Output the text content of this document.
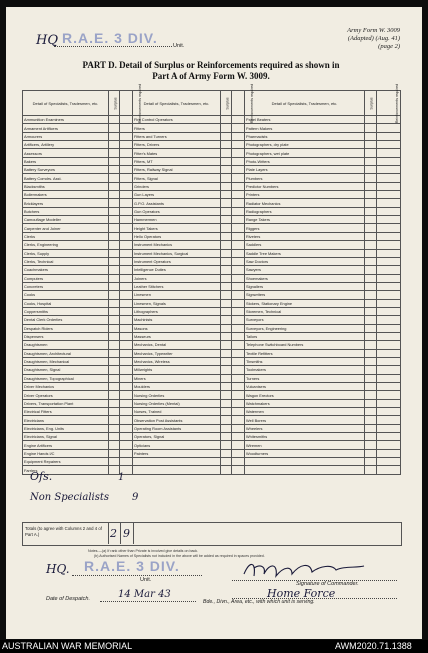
HQ R.A.E. 3 DIV.	Unit.
Army Form W. 3009
(Adapted) (Aug. 41)
(page 2)
PART D. Detail of Surplus or Reinforcements required as shown in
Part A of Army Form W. 3009.
Detail of Specialists, Tradesmen, etc.	Surplus	Reinforcements required	Detail of Specialists, Tradesmen, etc.	Surplus	Reinforcements required	Detail of Specialists, Tradesmen, etc.	Surplus	Reinforcements required
Ammunition Examiners			Fire Control Operators			Panel Beaters		
Armament Artificers			Fitters			Pattern Makers		
Armourers			Fitters and Turners			Pharmacists		
Artificers, Artillery			Fitters, Drivers			Photographers, dry plate		
Assessors			Fitter's Mates			Photographers, wet plate		
Bakers			Fitters, MT			Photo-Writers		
Battery Surveyors			Fitters, Railway Signal			Plate Layers		
Battery Comdrs. Asst.			Fitters, Signal			Plumbers		
Blacksmiths			Grinders			Predictor Numbers		
Boilermakers			Gun Layers			Printers		
Bricklayers			G.P.O. Assistants			Radiator Mechanics		
Butchers			Gun Operators			Radiographers		
Camouflage Modeller			Hammermen			Range Takers		
Carpenter and Joiner			Height Takers			Riggers		
Clerks			Hello Operators			Riveters		
Clerks, Engineering			Instrument Mechanics			Saddlers		
Clerks, Supply			Instrument Mechanics, Surgical			Saddle Tree Makers		
Clerks, Technical			Instrument Operators			Saw Doctors		
Coachmakers			Intelligence Duties			Sawyers		
Computers			Joiners			Shoemakers		
Concreters			Leather Stitchers			Signallers		
Cooks			Linesmen			Signwriters		
Cooks, Hospital			Linesmen, Signals			Stokers, Stationary Engine		
Coppersmiths			Lithographers			Storemen, Technical		
Dental Clerk Orderlies			Machinists			Surveyors		
Despatch Riders			Masons			Surveyors, Engineering		
Dispensers			Masseurs			Tailors		
Draughtsmen			Mechanics, Dental			Telephone Switchboard Numbers		
Draughtsmen, Architectural			Mechanics, Typewriter			Textile Refitters		
Draughtsmen, Mechanical			Mechanics, Wireless			Tinsmiths		
Draughtsmen, Signal			Millwrights			Toolmakers		
Draughtsmen, Topographical			Miners			Turners		
Driver Mechanics			Moulders			Vulcanisers		
Driver Operators			Nursing Orderlies			Wagon Erectors		
Drivers, Transportation Plant			Nursing Orderlies (Mental)			Watchmakers		
Electrical Fitters			Nurses, Trained			Watermen		
Electricians			Observation Post Assistants			Well Borers		
Electricians, Eng. Units			Operating Room Assistants			Wheelers		
Electricians, Signal			Operators, Signal			Whitesmiths		
Engine Artificers			Opticians			Wiremen		
Engine Hands I/C			Painters			Woodturners		
Equipment Repairers								
Farriers								
Ofs.	1
Non Specialists 9
Totals (to agree with Columns 2 and 4 of Part A.)	2 9
Notes.—(a) If rank other than Private is involved give details on back.
(b) Authorised Names of Specialists not included in the above will be added as required in spaces provided.
HQ. R.A.E. 3 DIV.
Unit.
Signature of Commander.
Home Force
Date of Despatch.	14 Mar 43
Bde., Divn., Area, etc., with which unit is serving.
AUSTRALIAN WAR MEMORIAL	AWM2020.71.1388
